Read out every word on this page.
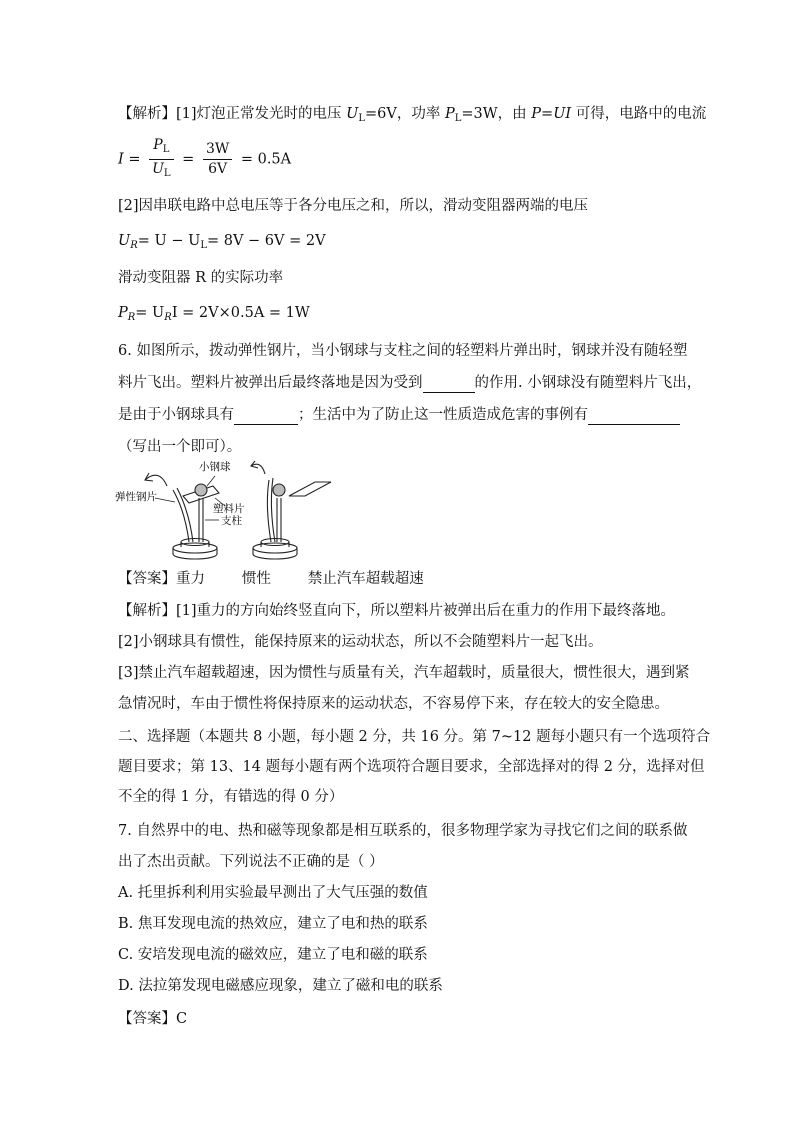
【解析】[1]灯泡正常发光时的电压 $U_L=6V$，功率 $P_L=3W$，由 P=UI 可得，电路中的电流
$I = \frac{P_L}{U_L} = \frac{3W}{6V} = 0.5A$
[2]因串联电路中总电压等于各分电压之和，所以，滑动变阻器两端的电压
$U_R= U - U_L= 8V - 6V = 2V$
滑动变阻器 R 的实际功率
$P_R= U_RI = 2V\times 0.5A = 1W$
6. 如图所示，拨动弹性钢片，当小钢球与支柱之间的轻塑料片弹出时，钢球并没有随轻塑
料片飞出。塑料片被弹出后最终落地是因为受到	的作用. 小钢球没有随塑料片飞出，
是由于小钢球具有	；生活中为了防止这一性质造成危害的事例有
（写出一个即可）。
小钢球
弹性钢片
塑料片
支柱
【答案】重力        惯性        禁止汽车超载超速
【解析】[1]重力的方向始终竖直向下，所以塑料片被弹出后在重力的作用下最终落地。
[2]小钢球具有惯性，能保持原来的运动状态，所以不会随塑料片一起飞出。
[3]禁止汽车超载超速，因为惯性与质量有关，汽车超载时，质量很大，惯性很大，遇到紧
急情况时，车由于惯性将保持原来的运动状态，不容易停下来，存在较大的安全隐患。
二、选择题（本题共 8 小题，每小题 2 分，共 16 分。第 7~12 题每小题只有一个选项符合
题目要求；第 13、14 题每小题有两个选项符合题目要求，全部选择对的得 2 分，选择对但
不全的得 1 分，有错选的得 0 分）
7. 自然界中的电、热和磁等现象都是相互联系的，很多物理学家为寻找它们之间的联系做
出了杰出贡献。下列说法不正确的是（ ）
A. 托里拆利利用实验最早测出了大气压强的数值
B. 焦耳发现电流的热效应，建立了电和热的联系
C. 安培发现电流的磁效应，建立了电和磁的联系
D. 法拉第发现电磁感应现象，建立了磁和电的联系
【答案】C
